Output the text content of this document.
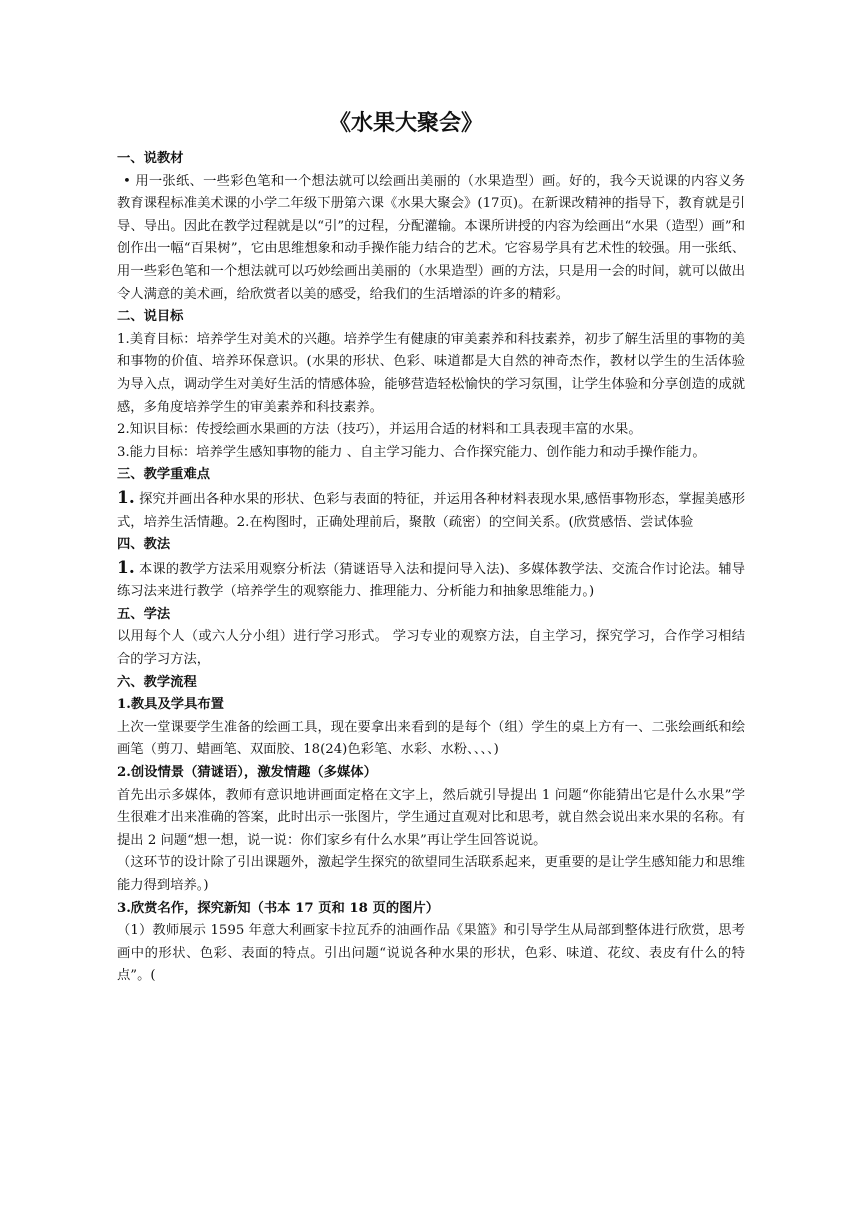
《水果大聚会》
一、说教材
• 用一张纸、一些彩色笔和一个想法就可以绘画出美丽的（水果造型）画。好的，我今天说课的内容义务教育课程标准美术课的小学二年级下册第六课《水果大聚会》(17页)。在新课改精神的指导下，教育就是引导、导出。因此在教学过程就是以“引”的过程，分配灌输。本课所讲授的内容为绘画出“水果（造型）画”和创作出一幅“百果树”，它由思维想象和动手操作能力结合的艺术。它容易学具有艺术性的较强。用一张纸、用一些彩色笔和一个想法就可以巧妙绘画出美丽的（水果造型）画的方法，只是用一会的时间，就可以做出令人满意的美术画，给欣赏者以美的感受，给我们的生活增添的许多的精彩。
二、说目标
1.美育目标：培养学生对美术的兴趣。培养学生有健康的审美素养和科技素养，初步了解生活里的事物的美和事物的价值、培养环保意识。(水果的形状、色彩、味道都是大自然的神奇杰作，教材以学生的生活体验为导入点，调动学生对美好生活的情感体验，能够营造轻松愉快的学习氛围，让学生体验和分享创造的成就感，多角度培养学生的审美素养和科技素养。
2.知识目标：传授绘画水果画的方法（技巧），并运用合适的材料和工具表现丰富的水果。
3.能力目标：培养学生感知事物的能力 、自主学习能力、合作探究能力、创作能力和动手操作能力。
三、教学重难点
1. 探究并画出各种水果的形状、色彩与表面的特征，并运用各种材料表现水果,感悟事物形态，掌握美感形式，培养生活情趣。2.在构图时，正确处理前后，聚散（疏密）的空间关系。(欣赏感悟、尝试体验
四、教法
1. 本课的教学方法采用观察分析法（猜谜语导入法和提问导入法)、多媒体教学法、交流合作讨论法。辅导练习法来进行教学（培养学生的观察能力、推理能力、分析能力和抽象思维能力。)
五、学法
以用每个人（或六人分小组）进行学习形式。 学习专业的观察方法，自主学习，探究学习，合作学习相结合的学习方法，
六、教学流程
1.教具及学具布置
上次一堂课要学生准备的绘画工具，现在要拿出来看到的是每个（组）学生的桌上方有一、二张绘画纸和绘画笔（剪刀、蜡画笔、双面胶、18(24)色彩笔、水彩、水粉、、、、)
2.创设情景（猜谜语），激发情趣（多媒体）
首先出示多媒体，教师有意识地讲画面定格在文字上，然后就引导提出 1 问题“你能猜出它是什么水果”学生很难才出来准确的答案，此时出示一张图片，学生通过直观对比和思考，就自然会说出来水果的名称。有提出 2 问题“想一想，说一说：你们家乡有什么水果”再让学生回答说说。
（这环节的设计除了引出课题外，激起学生探究的欲望同生活联系起来，更重要的是让学生感知能力和思维能力得到培养。)
3.欣赏名作，探究新知（书本 17 页和 18 页的图片）
（1）教师展示 1595 年意大利画家卡拉瓦乔的油画作品《果篮》和引导学生从局部到整体进行欣赏，思考画中的形状、色彩、表面的特点。引出问题“说说各种水果的形状，色彩、味道、花纹、表皮有什么的特点”。(
